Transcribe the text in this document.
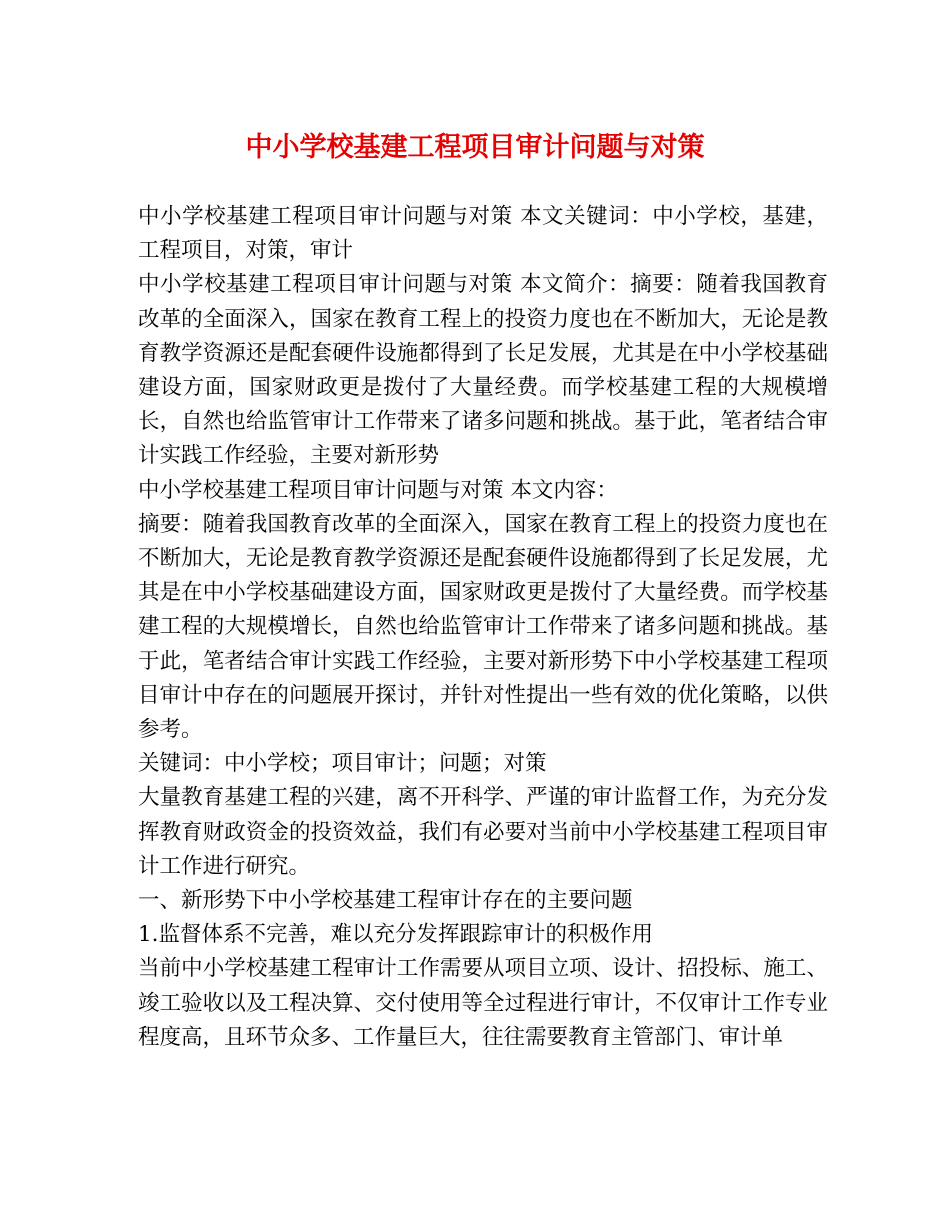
中小学校基建工程项目审计问题与对策

中小学校基建工程项目审计问题与对策 本文关键词：中小学校，基建，工程项目，对策，审计

中小学校基建工程项目审计问题与对策 本文简介：摘要：随着我国教育改革的全面深入，国家在教育工程上的投资力度也在不断加大，无论是教育教学资源还是配套硬件设施都得到了长足发展，尤其是在中小学校基础建设方面，国家财政更是拨付了大量经费。而学校基建工程的大规模增长，自然也给监管审计工作带来了诸多问题和挑战。基于此，笔者结合审计实践工作经验，主要对新形势

中小学校基建工程项目审计问题与对策 本文内容：

摘要：随着我国教育改革的全面深入，国家在教育工程上的投资力度也在不断加大，无论是教育教学资源还是配套硬件设施都得到了长足发展，尤其是在中小学校基础建设方面，国家财政更是拨付了大量经费。而学校基建工程的大规模增长，自然也给监管审计工作带来了诸多问题和挑战。基于此，笔者结合审计实践工作经验，主要对新形势下中小学校基建工程项目审计中存在的问题展开探讨，并针对性提出一些有效的优化策略，以供参考。

关键词：中小学校；项目审计；问题；对策

大量教育基建工程的兴建，离不开科学、严谨的审计监督工作，为充分发挥教育财政资金的投资效益，我们有必要对当前中小学校基建工程项目审计工作进行研究。

一、新形势下中小学校基建工程审计存在的主要问题

1.监督体系不完善，难以充分发挥跟踪审计的积极作用

当前中小学校基建工程审计工作需要从项目立项、设计、招投标、施工、竣工验收以及工程决算、交付使用等全过程进行审计，不仅审计工作专业程度高，且环节众多、工作量巨大，往往需要教育主管部门、审计单
